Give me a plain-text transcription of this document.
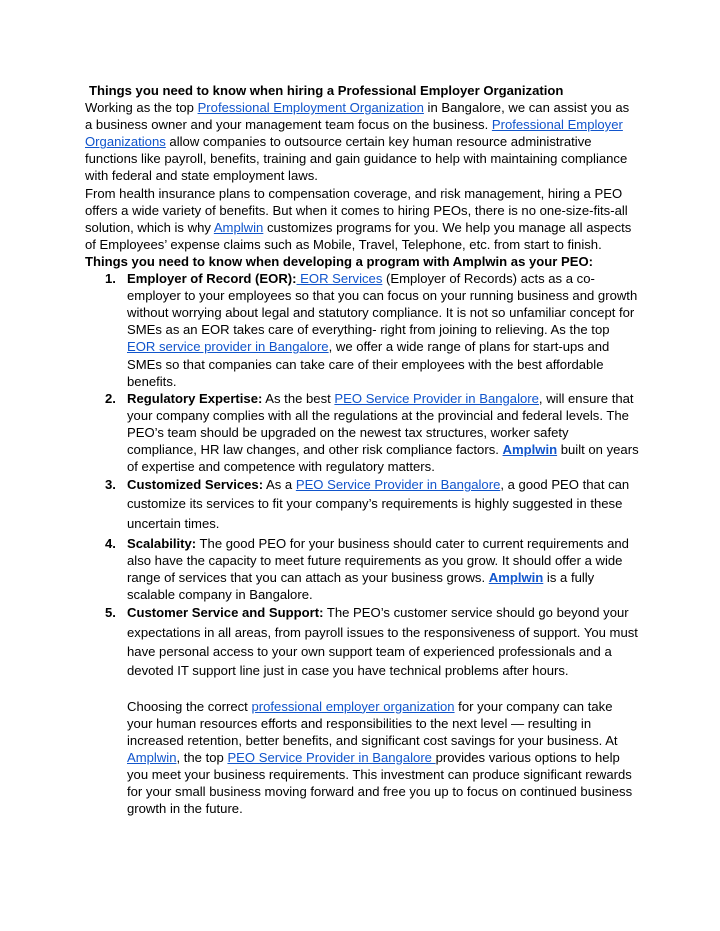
Things you need to know when hiring a Professional Employer Organization

Working as the top Professional Employment Organization in Bangalore, we can assist you as a business owner and your management team focus on the business. Professional Employer Organizations allow companies to outsource certain key human resource administrative functions like payroll, benefits, training and gain guidance to help with maintaining compliance with federal and state employment laws.

From health insurance plans to compensation coverage, and risk management, hiring a PEO offers a wide variety of benefits. But when it comes to hiring PEOs, there is no one-size-fits-all solution, which is why Amplwin customizes programs for you. We help you manage all aspects of Employees’ expense claims such as Mobile, Travel, Telephone, etc. from start to finish.

Things you need to know when developing a program with Amplwin as your PEO:

1. Employer of Record (EOR): EOR Services (Employer of Records) acts as a co-employer to your employees so that you can focus on your running business and growth without worrying about legal and statutory compliance. It is not so unfamiliar concept for SMEs as an EOR takes care of everything- right from joining to relieving. As the top EOR service provider in Bangalore, we offer a wide range of plans for start-ups and SMEs so that companies can take care of their employees with the best affordable benefits.
2. Regulatory Expertise: As the best PEO Service Provider in Bangalore, will ensure that your company complies with all the regulations at the provincial and federal levels. The PEO’s team should be upgraded on the newest tax structures, worker safety compliance, HR law changes, and other risk compliance factors. Amplwin built on years of expertise and competence with regulatory matters.
3. Customized Services: As a PEO Service Provider in Bangalore, a good PEO that can customize its services to fit your company’s requirements is highly suggested in these uncertain times.
4. Scalability: The good PEO for your business should cater to current requirements and also have the capacity to meet future requirements as you grow. It should offer a wide range of services that you can attach as your business grows. Amplwin is a fully scalable company in Bangalore.
5. Customer Service and Support: The PEO’s customer service should go beyond your expectations in all areas, from payroll issues to the responsiveness of support. You must have personal access to your own support team of experienced professionals and a devoted IT support line just in case you have technical problems after hours.

Choosing the correct professional employer organization for your company can take your human resources efforts and responsibilities to the next level — resulting in increased retention, better benefits, and significant cost savings for your business. At Amplwin, the top PEO Service Provider in Bangalore provides various options to help you meet your business requirements. This investment can produce significant rewards for your small business moving forward and free you up to focus on continued business growth in the future.
